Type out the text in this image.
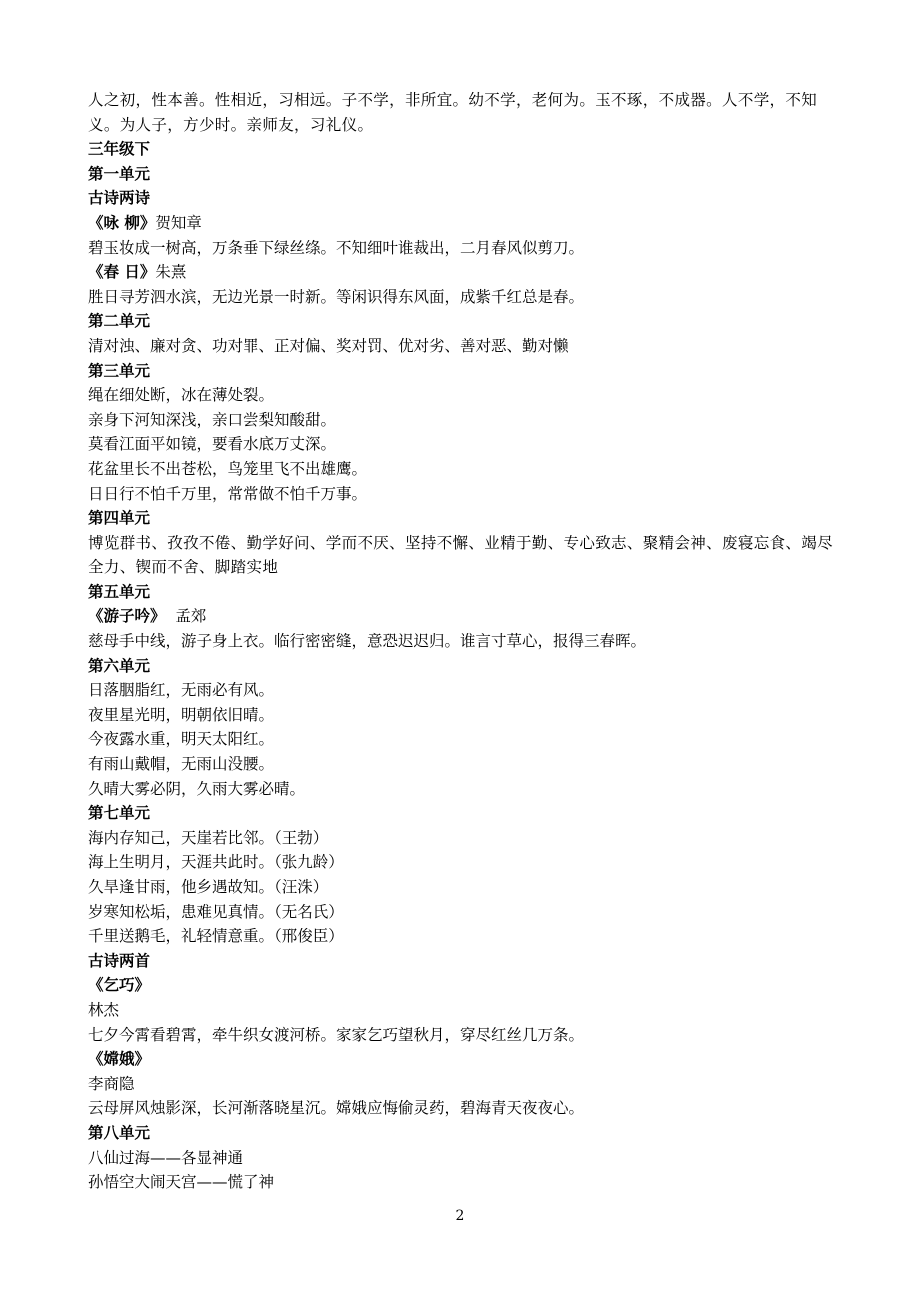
人之初，性本善。性相近，习相远。子不学，非所宜。幼不学，老何为。玉不琢，不成器。人不学，不知义。为人子，方少时。亲师友，习礼仪。
三年级下
第一单元
古诗两诗
《咏 柳》贺知章
碧玉妆成一树高，万条垂下绿丝绦。不知细叶谁裁出，二月春风似剪刀。
《春 日》朱熹
胜日寻芳泗水滨，无边光景一时新。等闲识得东风面，成紫千红总是春。
第二单元
清对浊、廉对贪、功对罪、正对偏、奖对罚、优对劣、善对恶、勤对懒
第三单元
绳在细处断，冰在薄处裂。
亲身下河知深浅，亲口尝梨知酸甜。
莫看江面平如镜，要看水底万丈深。
花盆里长不出苍松，鸟笼里飞不出雄鹰。
日日行不怕千万里，常常做不怕千万事。
第四单元
博览群书、孜孜不倦、勤学好问、学而不厌、坚持不懈、业精于勤、专心致志、聚精会神、废寝忘食、竭尽全力、锲而不舍、脚踏实地
第五单元
《游子吟》 孟郊
慈母手中线，游子身上衣。临行密密缝，意恐迟迟归。谁言寸草心，报得三春晖。
第六单元
日落胭脂红，无雨必有风。
夜里星光明，明朝依旧晴。
今夜露水重，明天太阳红。
有雨山戴帽，无雨山没腰。
久晴大雾必阴，久雨大雾必晴。
第七单元
海内存知己，天崖若比邻。（王勃）
海上生明月，天涯共此时。（张九龄）
久旱逢甘雨，他乡遇故知。（汪洙）
岁寒知松垢，患难见真情。（无名氏）
千里送鹅毛，礼轻情意重。（邢俊臣）
古诗两首
《乞巧》
林杰
七夕今霄看碧霄，牵牛织女渡河桥。家家乞巧望秋月，穿尽红丝几万条。
《嫦娥》
李商隐
云母屏风烛影深，长河渐落晓星沉。嫦娥应悔偷灵药，碧海青天夜夜心。
第八单元
八仙过海——各显神通
孙悟空大闹天宫——慌了神
2
